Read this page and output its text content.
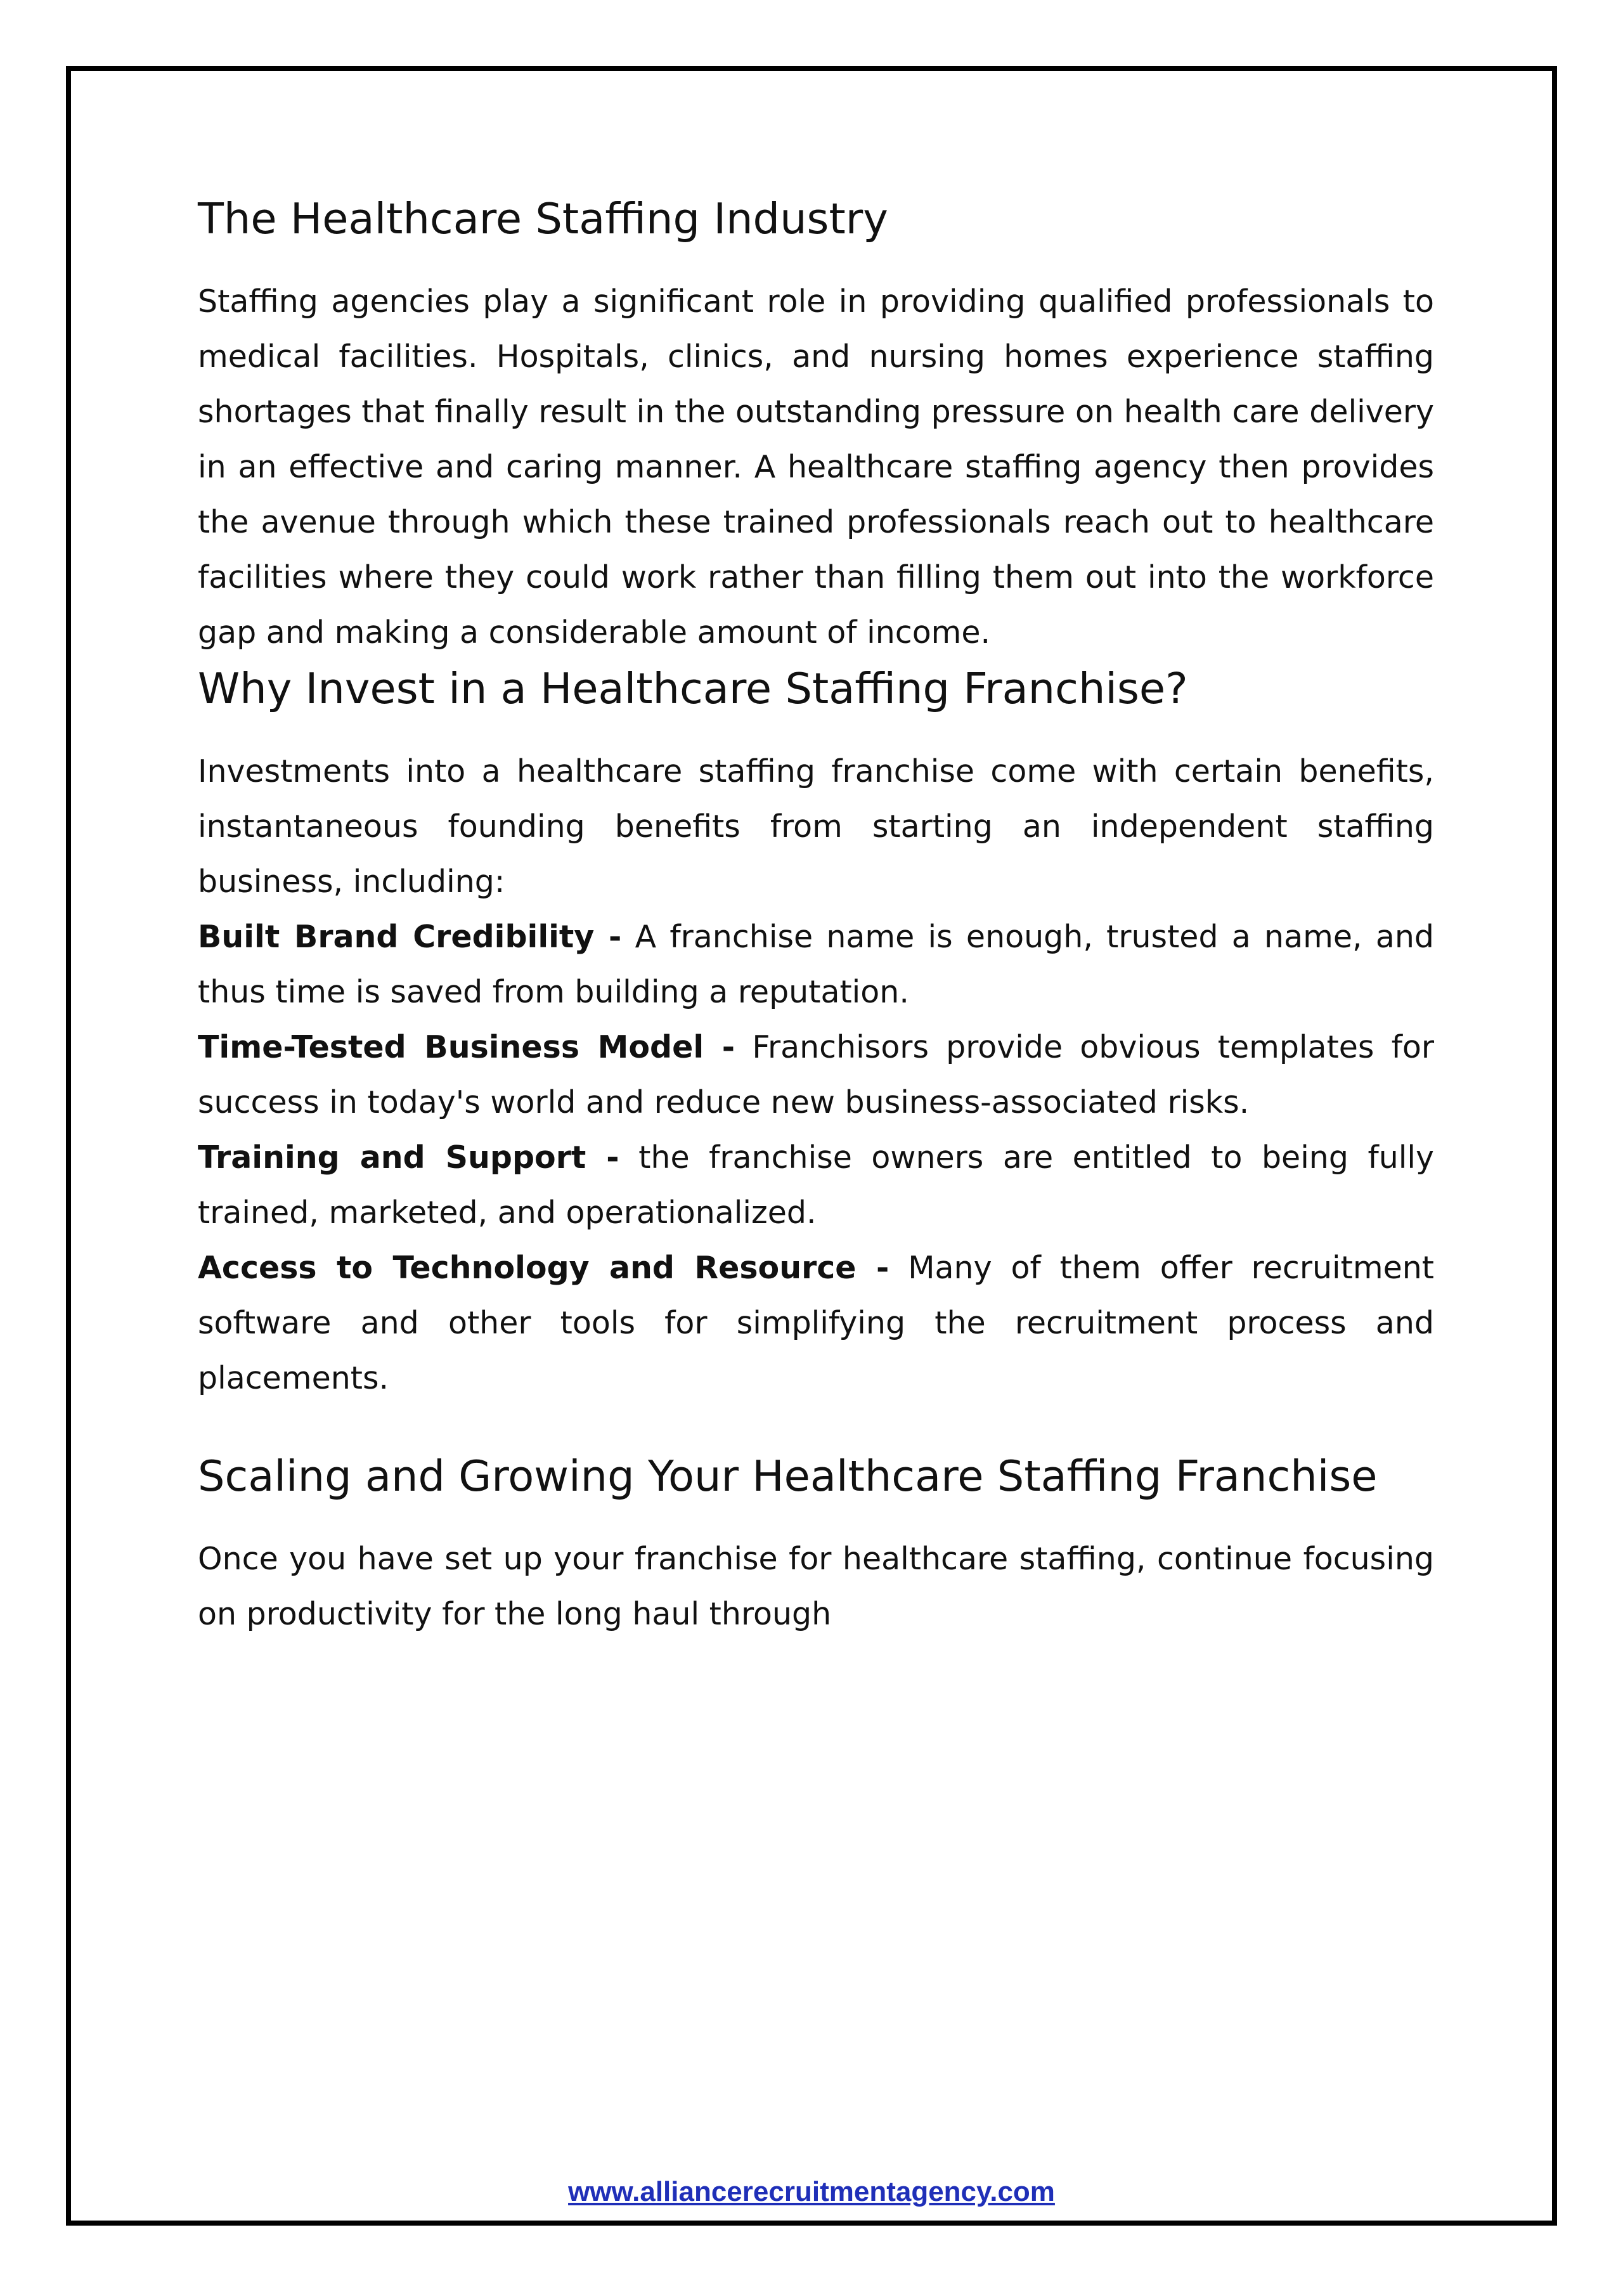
The Healthcare Staffing Industry

Staffing agencies play a significant role in providing qualified professionals to medical facilities. Hospitals, clinics, and nursing homes experience staffing shortages that finally result in the outstanding pressure on health care delivery in an effective and caring manner. A healthcare staffing agency then provides the avenue through which these trained professionals reach out to healthcare facilities where they could work rather than filling them out into the workforce gap and making a considerable amount of income.

Why Invest in a Healthcare Staffing Franchise?

Investments into a healthcare staffing franchise come with certain benefits, instantaneous founding benefits from starting an independent staffing business, including:

Built Brand Credibility - A franchise name is enough, trusted a name, and thus time is saved from building a reputation.

Time-Tested Business Model - Franchisors provide obvious templates for success in today's world and reduce new business-associated risks.

Training and Support - the franchise owners are entitled to being fully trained, marketed, and operationalized.

Access to Technology and Resource - Many of them offer recruitment software and other tools for simplifying the recruitment process and placements.

Scaling and Growing Your Healthcare Staffing Franchise

Once you have set up your franchise for healthcare staffing, continue focusing on productivity for the long haul through

www.alliancerecruitmentagency.com
